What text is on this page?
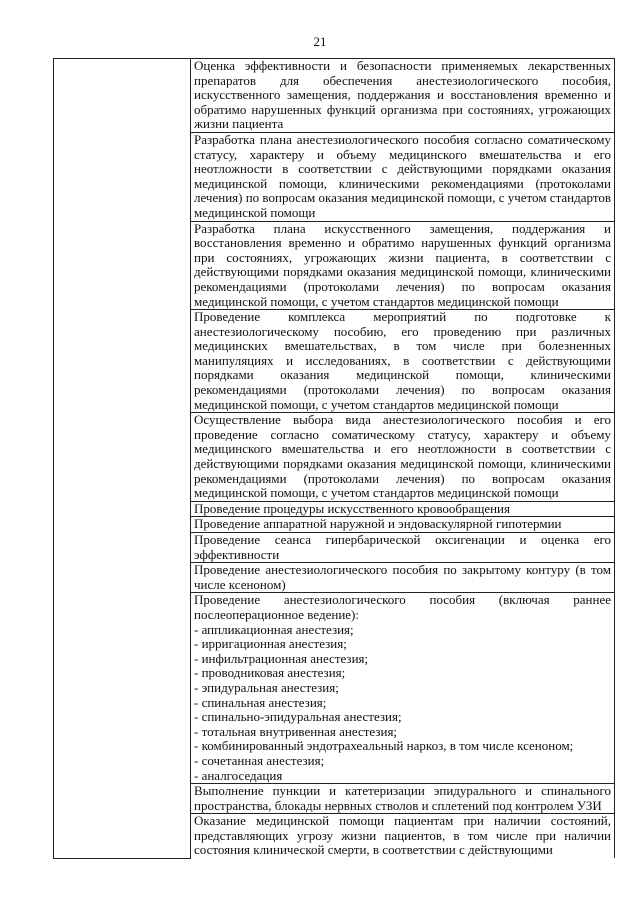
21

Оценка эффективности и безопасности применяемых лекарственных препаратов для обеспечения анестезиологического пособия, искусственного замещения, поддержания и восстановления временно и обратимо нарушенных функций организма при состояниях, угрожающих жизни пациента

Разработка плана анестезиологического пособия согласно соматическому статусу, характеру и объему медицинского вмешательства и его неотложности в соответствии с действующими порядками оказания медицинской помощи, клиническими рекомендациями (протоколами лечения) по вопросам оказания медицинской помощи, с учетом стандартов медицинской помощи

Разработка плана искусственного замещения, поддержания и восстановления временно и обратимо нарушенных функций организма при состояниях, угрожающих жизни пациента, в соответствии с действующими порядками оказания медицинской помощи, клиническими рекомендациями (протоколами лечения) по вопросам оказания медицинской помощи, с учетом стандартов медицинской помощи

Проведение комплекса мероприятий по подготовке к анестезиологическому пособию, его проведению при различных медицинских вмешательствах, в том числе при болезненных манипуляциях и исследованиях, в соответствии с действующими порядками оказания медицинской помощи, клиническими рекомендациями (протоколами лечения) по вопросам оказания медицинской помощи, с учетом стандартов медицинской помощи

Осуществление выбора вида анестезиологического пособия и его проведение согласно соматическому статусу, характеру и объему медицинского вмешательства и его неотложности в соответствии с действующими порядками оказания медицинской помощи, клиническими рекомендациями (протоколами лечения) по вопросам оказания медицинской помощи, с учетом стандартов медицинской помощи

Проведение процедуры искусственного кровообращения

Проведение аппаратной наружной и эндоваскулярной гипотермии

Проведение сеанса гипербарической оксигенации и оценка его эффективности

Проведение анестезиологического пособия по закрытому контуру (в том числе ксеноном)

Проведение анестезиологического пособия (включая раннее послеоперационное ведение):
- аппликационная анестезия;
- ирригационная анестезия;
- инфильтрационная анестезия;
- проводниковая анестезия;
- эпидуральная анестезия;
- спинальная анестезия;
- спинально-эпидуральная анестезия;
- тотальная внутривенная анестезия;
- комбинированный эндотрахеальный наркоз, в том числе ксеноном;
- сочетанная анестезия;
- аналгоседация

Выполнение пункции и катетеризации эпидурального и спинального пространства, блокады нервных стволов и сплетений под контролем УЗИ

Оказание медицинской помощи пациентам при наличии состояний, представляющих угрозу жизни пациентов, в том числе при наличии состояния клинической смерти, в соответствии с действующими
